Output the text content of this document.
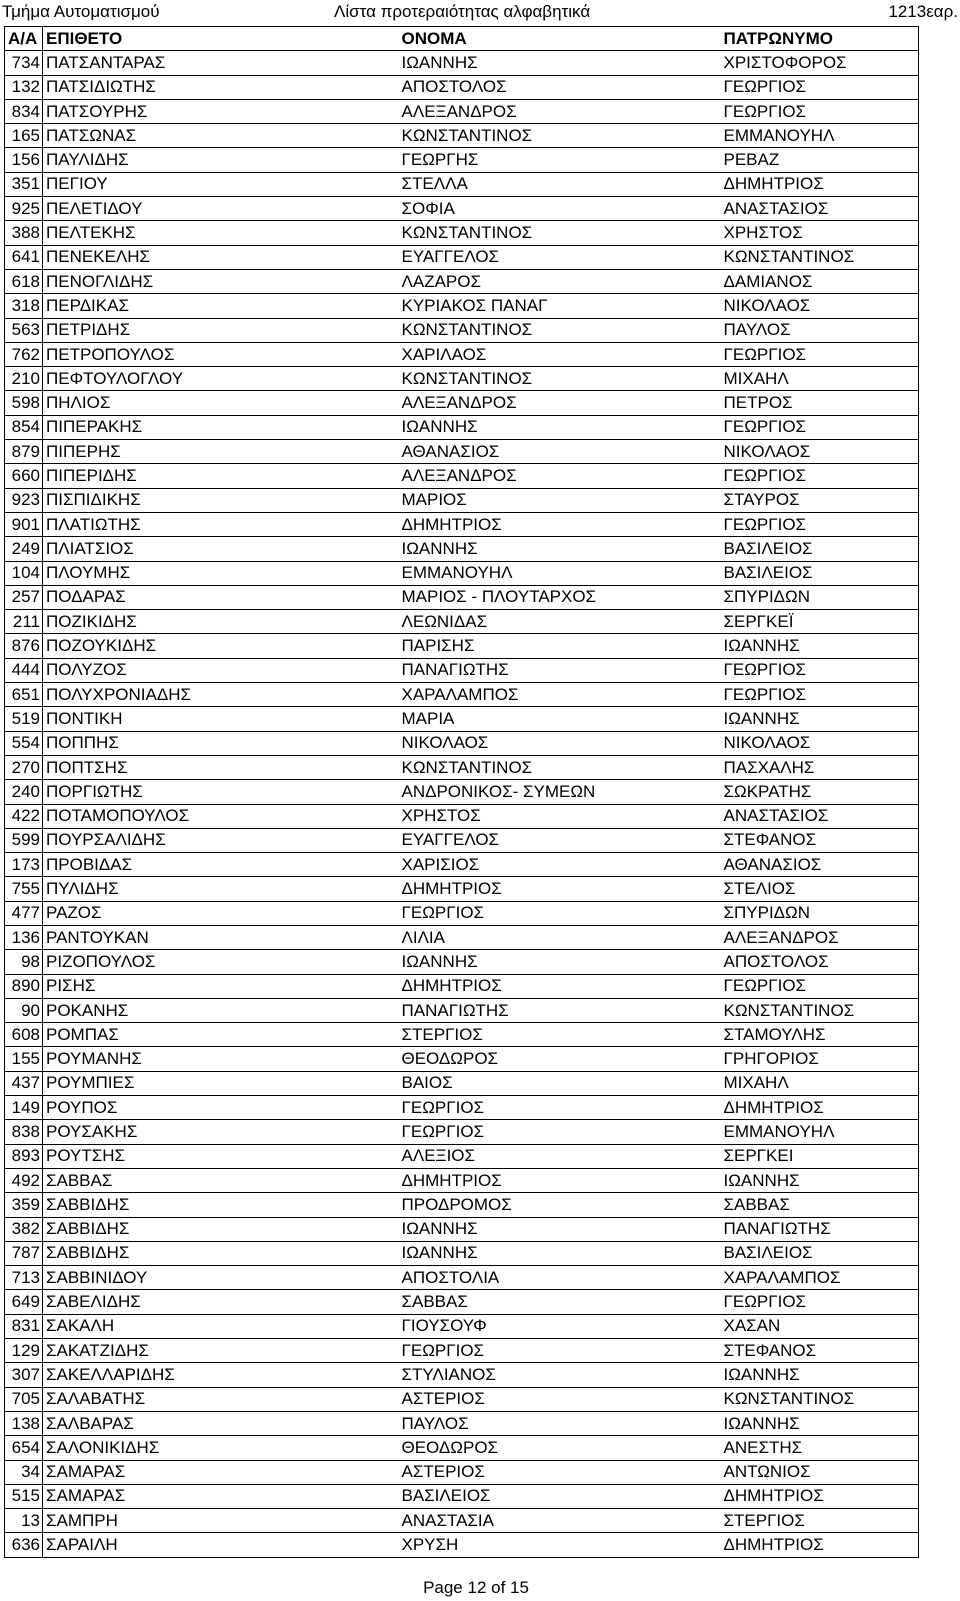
Τμήμα Αυτοματισμού	Λίστα προτεραιότητας αλφαβητικά	1213εαρ.
Α/Α	ΕΠΙΘΕΤΟ	ΟΝΟΜΑ	ΠΑΤΡΩΝΥΜΟ
734	ΠΑΤΣΑΝΤΑΡΑΣ	ΙΩΑΝΝΗΣ	ΧΡΙΣΤΟΦΟΡΟΣ
132	ΠΑΤΣΙΔΙΩΤΗΣ	ΑΠΟΣΤΟΛΟΣ	ΓΕΩΡΓΙΟΣ
834	ΠΑΤΣΟΥΡΗΣ	ΑΛΕΞΑΝΔΡΟΣ	ΓΕΩΡΓΙΟΣ
165	ΠΑΤΣΩΝΑΣ	ΚΩΝΣΤΑΝΤΙΝΟΣ	ΕΜΜΑΝΟΥΗΛ
156	ΠΑΥΛΙΔΗΣ	ΓΕΩΡΓΗΣ	ΡΕΒΑΖ
351	ΠΕΓΙΟΥ	ΣΤΕΛΛΑ	ΔΗΜΗΤΡΙΟΣ
925	ΠΕΛΕΤΙΔΟΥ	ΣΟΦΙΑ	ΑΝΑΣΤΑΣΙΟΣ
388	ΠΕΛΤΕΚΗΣ	ΚΩΝΣΤΑΝΤΙΝΟΣ	ΧΡΗΣΤΟΣ
641	ΠΕΝΕΚΕΛΗΣ	ΕΥΑΓΓΕΛΟΣ	ΚΩΝΣΤΑΝΤΙΝΟΣ
618	ΠΕΝΟΓΛΙΔΗΣ	ΛΑΖΑΡΟΣ	ΔΑΜΙΑΝΟΣ
318	ΠΕΡΔΙΚΑΣ	ΚΥΡΙΑΚΟΣ ΠΑΝΑΓ	ΝΙΚΟΛΑΟΣ
563	ΠΕΤΡΙΔΗΣ	ΚΩΝΣΤΑΝΤΙΝΟΣ	ΠΑΥΛΟΣ
762	ΠΕΤΡΟΠΟΥΛΟΣ	ΧΑΡΙΛΑΟΣ	ΓΕΩΡΓΙΟΣ
210	ΠΕΦΤΟΥΛΟΓΛΟΥ	ΚΩΝΣΤΑΝΤΙΝΟΣ	ΜΙΧΑΗΛ
598	ΠΗΛΙΟΣ	ΑΛΕΞΑΝΔΡΟΣ	ΠΕΤΡΟΣ
854	ΠΙΠΕΡΑΚΗΣ	ΙΩΑΝΝΗΣ	ΓΕΩΡΓΙΟΣ
879	ΠΙΠΕΡΗΣ	ΑΘΑΝΑΣΙΟΣ	ΝΙΚΟΛΑΟΣ
660	ΠΙΠΕΡΙΔΗΣ	ΑΛΕΞΑΝΔΡΟΣ	ΓΕΩΡΓΙΟΣ
923	ΠΙΣΠΙΔΙΚΗΣ	ΜΑΡΙΟΣ	ΣΤΑΥΡΟΣ
901	ΠΛΑΤΙΩΤΗΣ	ΔΗΜΗΤΡΙΟΣ	ΓΕΩΡΓΙΟΣ
249	ΠΛΙΑΤΣΙΟΣ	ΙΩΑΝΝΗΣ	ΒΑΣΙΛΕΙΟΣ
104	ΠΛΟΥΜΗΣ	ΕΜΜΑΝΟΥΗΛ	ΒΑΣΙΛΕΙΟΣ
257	ΠΟΔΑΡΑΣ	ΜΑΡΙΟΣ - ΠΛΟΥΤΑΡΧΟΣ	ΣΠΥΡΙΔΩΝ
211	ΠΟΖΙΚΙΔΗΣ	ΛΕΩΝΙΔΑΣ	ΣΕΡΓΚΕΪ
876	ΠΟΖΟΥΚΙΔΗΣ	ΠΑΡΙΣΗΣ	ΙΩΑΝΝΗΣ
444	ΠΟΛΥΖΟΣ	ΠΑΝΑΓΙΩΤΗΣ	ΓΕΩΡΓΙΟΣ
651	ΠΟΛΥΧΡΟΝΙΑΔΗΣ	ΧΑΡΑΛΑΜΠΟΣ	ΓΕΩΡΓΙΟΣ
519	ΠΟΝΤΙΚΗ	ΜΑΡΙΑ	ΙΩΑΝΝΗΣ
554	ΠΟΠΠΗΣ	ΝΙΚΟΛΑΟΣ	ΝΙΚΟΛΑΟΣ
270	ΠΟΠΤΣΗΣ	ΚΩΝΣΤΑΝΤΙΝΟΣ	ΠΑΣΧΑΛΗΣ
240	ΠΟΡΓΙΩΤΗΣ	ΑΝΔΡΟΝΙΚΟΣ- ΣΥΜΕΩΝ	ΣΩΚΡΑΤΗΣ
422	ΠΟΤΑΜΟΠΟΥΛΟΣ	ΧΡΗΣΤΟΣ	ΑΝΑΣΤΑΣΙΟΣ
599	ΠΟΥΡΣΑΛΙΔΗΣ	ΕΥΑΓΓΕΛΟΣ	ΣΤΕΦΑΝΟΣ
173	ΠΡΟΒΙΔΑΣ	ΧΑΡΙΣΙΟΣ	ΑΘΑΝΑΣΙΟΣ
755	ΠΥΛΙΔΗΣ	ΔΗΜΗΤΡΙΟΣ	ΣΤΕΛΙΟΣ
477	ΡΑΖΟΣ	ΓΕΩΡΓΙΟΣ	ΣΠΥΡΙΔΩΝ
136	ΡΑΝΤΟΥΚΑΝ	ΛΙΛΙΑ	ΑΛΕΞΑΝΔΡΟΣ
98	ΡΙΖΟΠΟΥΛΟΣ	ΙΩΑΝΝΗΣ	ΑΠΟΣΤΟΛΟΣ
890	ΡΙΣΗΣ	ΔΗΜΗΤΡΙΟΣ	ΓΕΩΡΓΙΟΣ
90	ΡΟΚΑΝΗΣ	ΠΑΝΑΓΙΩΤΗΣ	ΚΩΝΣΤΑΝΤΙΝΟΣ
608	ΡΟΜΠΑΣ	ΣΤΕΡΓΙΟΣ	ΣΤΑΜΟΥΛΗΣ
155	ΡΟΥΜΑΝΗΣ	ΘΕΟΔΩΡΟΣ	ΓΡΗΓΟΡΙΟΣ
437	ΡΟΥΜΠΙΕΣ	ΒΑΙΟΣ	ΜΙΧΑΗΛ
149	ΡΟΥΠΟΣ	ΓΕΩΡΓΙΟΣ	ΔΗΜΗΤΡΙΟΣ
838	ΡΟΥΣΑΚΗΣ	ΓΕΩΡΓΙΟΣ	ΕΜΜΑΝΟΥΗΛ
893	ΡΟΥΤΣΗΣ	ΑΛΕΞΙΟΣ	ΣΕΡΓΚΕΙ
492	ΣΑΒΒΑΣ	ΔΗΜΗΤΡΙΟΣ	ΙΩΑΝΝΗΣ
359	ΣΑΒΒΙΔΗΣ	ΠΡΟΔΡΟΜΟΣ	ΣΑΒΒΑΣ
382	ΣΑΒΒΙΔΗΣ	ΙΩΑΝΝΗΣ	ΠΑΝΑΓΙΩΤΗΣ
787	ΣΑΒΒΙΔΗΣ	ΙΩΑΝΝΗΣ	ΒΑΣΙΛΕΙΟΣ
713	ΣΑΒΒΙΝΙΔΟΥ	ΑΠΟΣΤΟΛΙΑ	ΧΑΡΑΛΑΜΠΟΣ
649	ΣΑΒΕΛΙΔΗΣ	ΣΑΒΒΑΣ	ΓΕΩΡΓΙΟΣ
831	ΣΑΚΑΛΗ	ΓΙΟΥΣΟΥΦ	ΧΑΣΑΝ
129	ΣΑΚΑΤΖΙΔΗΣ	ΓΕΩΡΓΙΟΣ	ΣΤΕΦΑΝΟΣ
307	ΣΑΚΕΛΛΑΡΙΔΗΣ	ΣΤΥΛΙΑΝΟΣ	ΙΩΑΝΝΗΣ
705	ΣΑΛΑΒΑΤΗΣ	ΑΣΤΕΡΙΟΣ	ΚΩΝΣΤΑΝΤΙΝΟΣ
138	ΣΑΛΒΑΡΑΣ	ΠΑΥΛΟΣ	ΙΩΑΝΝΗΣ
654	ΣΑΛΟΝΙΚΙΔΗΣ	ΘΕΟΔΩΡΟΣ	ΑΝΕΣΤΗΣ
34	ΣΑΜΑΡΑΣ	ΑΣΤΕΡΙΟΣ	ΑΝΤΩΝΙΟΣ
515	ΣΑΜΑΡΑΣ	ΒΑΣΙΛΕΙΟΣ	ΔΗΜΗΤΡΙΟΣ
13	ΣΑΜΠΡΗ	ΑΝΑΣΤΑΣΙΑ	ΣΤΕΡΓΙΟΣ
636	ΣΑΡΑΙΛΗ	ΧΡΥΣΗ	ΔΗΜΗΤΡΙΟΣ
Page 12 of 15
